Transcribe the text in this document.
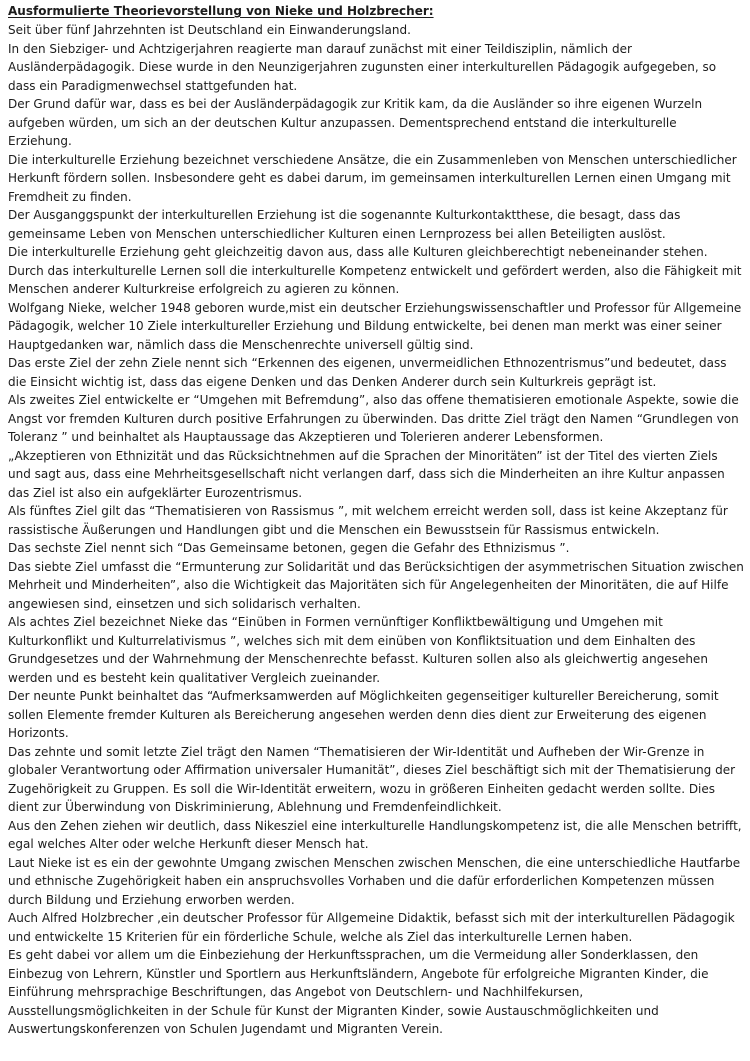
Ausformulierte Theorievorstellung von Nieke und Holzbrecher:

Seit über fünf Jahrzehnten ist Deutschland ein Einwanderungsland.

In den Siebziger- und Achtzigerjahren reagierte man darauf zunächst mit einer Teildisziplin, nämlich der Ausländerpädagogik. Diese wurde in den Neunzigerjahren zugunsten einer interkulturellen Pädagogik aufgegeben, so dass ein Paradigmenwechsel stattgefunden hat.

Der Grund dafür war, dass es bei der Ausländerpädagogik zur Kritik kam, da die Ausländer so ihre eigenen Wurzeln aufgeben würden, um sich an der deutschen Kultur anzupassen. Dementsprechend entstand die interkulturelle Erziehung.

Die interkulturelle Erziehung bezeichnet verschiedene Ansätze, die ein Zusammenleben von Menschen unterschiedlicher Herkunft fördern sollen. Insbesondere geht es dabei darum, im gemeinsamen interkulturellen Lernen einen Umgang mit Fremdheit zu finden.

Der Ausganggspunkt der interkulturellen Erziehung ist die sogenannte Kulturkontaktthese, die besagt, dass das gemeinsame Leben von Menschen unterschiedlicher Kulturen einen Lernprozess bei allen Beteiligten auslöst.

Die interkulturelle Erziehung geht gleichzeitig davon aus, dass alle Kulturen gleichberechtigt nebeneinander stehen.

Durch das interkulturelle Lernen soll die interkulturelle Kompetenz entwickelt und gefördert werden, also die Fähigkeit mit Menschen anderer Kulturkreise erfolgreich zu agieren zu können.

Wolfgang Nieke, welcher 1948 geboren wurde,mist ein deutscher Erziehungswissenschaftler und Professor für Allgemeine Pädagogik, welcher 10 Ziele interkultureller Erziehung und Bildung entwickelte, bei denen man merkt was einer seiner Hauptgedanken war, nämlich dass die Menschenrechte universell gültig sind.

Das erste Ziel der zehn Ziele nennt sich “Erkennen des eigenen, unvermeidlichen Ethnozentrismus”und bedeutet, dass die Einsicht wichtig ist, dass das eigene Denken und das Denken Anderer durch sein Kulturkreis geprägt ist.

Als zweites Ziel entwickelte er “Umgehen mit Befremdung”, also das offene thematisieren emotionale Aspekte, sowie die Angst vor fremden Kulturen durch positive Erfahrungen zu überwinden. Das dritte Ziel trägt den Namen “Grundlegen von Toleranz ” und beinhaltet als Hauptaussage das Akzeptieren und Tolerieren anderer Lebensformen.

„Akzeptieren von Ethnizität und das Rücksichtnehmen auf die Sprachen der Minoritäten” ist der Titel des vierten Ziels und sagt aus, dass eine Mehrheitsgesellschaft nicht verlangen darf, dass sich die Minderheiten an ihre Kultur anpassen das Ziel ist also ein aufgeklärter Eurozentrismus.

Als fünftes Ziel gilt das “Thematisieren von Rassismus ”, mit welchem erreicht werden soll, dass ist keine Akzeptanz für rassistische Äußerungen und Handlungen gibt und die Menschen ein Bewusstsein für Rassismus entwickeln.

Das sechste Ziel nennt sich “Das Gemeinsame betonen, gegen die Gefahr des Ethnizismus ”.

Das siebte Ziel umfasst die “Ermunterung zur Solidarität und das Berücksichtigen der asymmetrischen Situation zwischen Mehrheit und Minderheiten”, also die Wichtigkeit das Majoritäten sich für Angelegenheiten der Minoritäten, die auf Hilfe angewiesen sind, einsetzen und sich solidarisch verhalten.

Als achtes Ziel bezeichnet Nieke das “Einüben in Formen vernünftiger Konfliktbewältigung und Umgehen mit Kulturkonflikt und Kulturrelativismus ”, welches sich mit dem einüben von Konfliktsituation und dem Einhalten des Grundgesetzes und der Wahrnehmung der Menschenrechte befasst. Kulturen sollen also als gleichwertig angesehen werden und es besteht kein qualitativer Vergleich zueinander.

Der neunte Punkt beinhaltet das “Aufmerksamwerden auf Möglichkeiten gegenseitiger kultureller Bereicherung, somit sollen Elemente fremder Kulturen als Bereicherung angesehen werden denn dies dient zur Erweiterung des eigenen Horizonts.

Das zehnte und somit letzte Ziel trägt den Namen “Thematisieren der Wir-Identität und Aufheben der Wir-Grenze in globaler Verantwortung oder Affirmation universaler Humanität”, dieses Ziel beschäftigt sich mit der Thematisierung der Zugehörigkeit zu Gruppen. Es soll die Wir-Identität erweitern, wozu in größeren Einheiten gedacht werden sollte. Dies dient zur Überwindung von Diskriminierung, Ablehnung und Fremdenfeindlichkeit.

Aus den Zehen ziehen wir deutlich, dass Nikesziel eine interkulturelle Handlungskompetenz ist, die alle Menschen betrifft, egal welches Alter oder welche Herkunft dieser Mensch hat.

Laut Nieke ist es ein der gewohnte Umgang zwischen Menschen zwischen Menschen, die eine unterschiedliche Hautfarbe und ethnische Zugehörigkeit haben ein anspruchsvolles Vorhaben und die dafür erforderlichen Kompetenzen müssen durch Bildung und Erziehung erworben werden.

Auch Alfred Holzbrecher ,ein deutscher Professor für Allgemeine Didaktik, befasst sich mit der interkulturellen Pädagogik und entwickelte 15 Kriterien für ein förderliche Schule, welche als Ziel das interkulturelle Lernen haben.

Es geht dabei vor allem um die Einbeziehung der Herkunftssprachen, um die Vermeidung aller Sonderklassen, den Einbezug von Lehrern, Künstler und Sportlern aus Herkunftsländern, Angebote für erfolgreiche Migranten Kinder, die Einführung mehrsprachige Beschriftungen, das Angebot von Deutschlern- und Nachhilfekursen, Ausstellungsmöglichkeiten in der Schule für Kunst der Migranten Kinder, sowie Austauschmöglichkeiten und Auswertungskonferenzen von Schulen Jugendamt und Migranten Verein.
